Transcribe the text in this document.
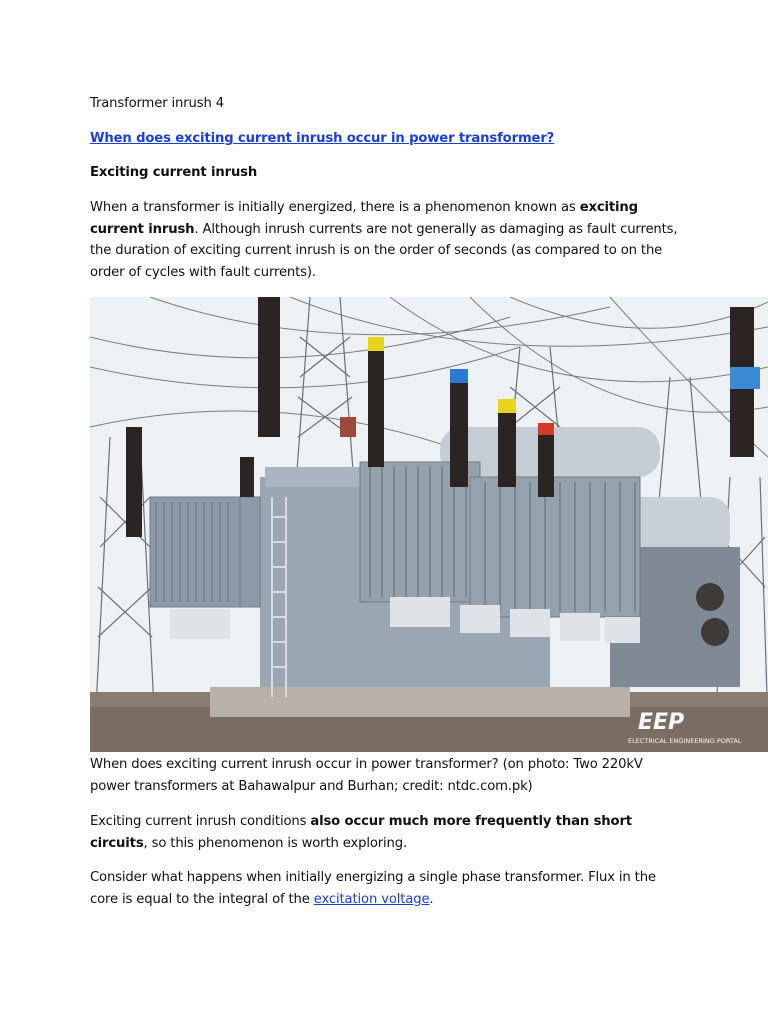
Transformer inrush 4

When does exciting current inrush occur in power transformer?

Exciting current inrush

When a transformer is initially energized, there is a phenomenon known as exciting current inrush. Although inrush currents are not generally as damaging as fault currents, the duration of exciting current inrush is on the order of seconds (as compared to on the order of cycles with fault currents).

EEP
ELECTRICAL ENGINEERING PORTAL

When does exciting current inrush occur in power transformer? (on photo: Two 220kV power transformers at Bahawalpur and Burhan; credit: ntdc.com.pk)

Exciting current inrush conditions also occur much more frequently than short circuits, so this phenomenon is worth exploring.

Consider what happens when initially energizing a single phase transformer. Flux in the core is equal to the integral of the excitation voltage.
